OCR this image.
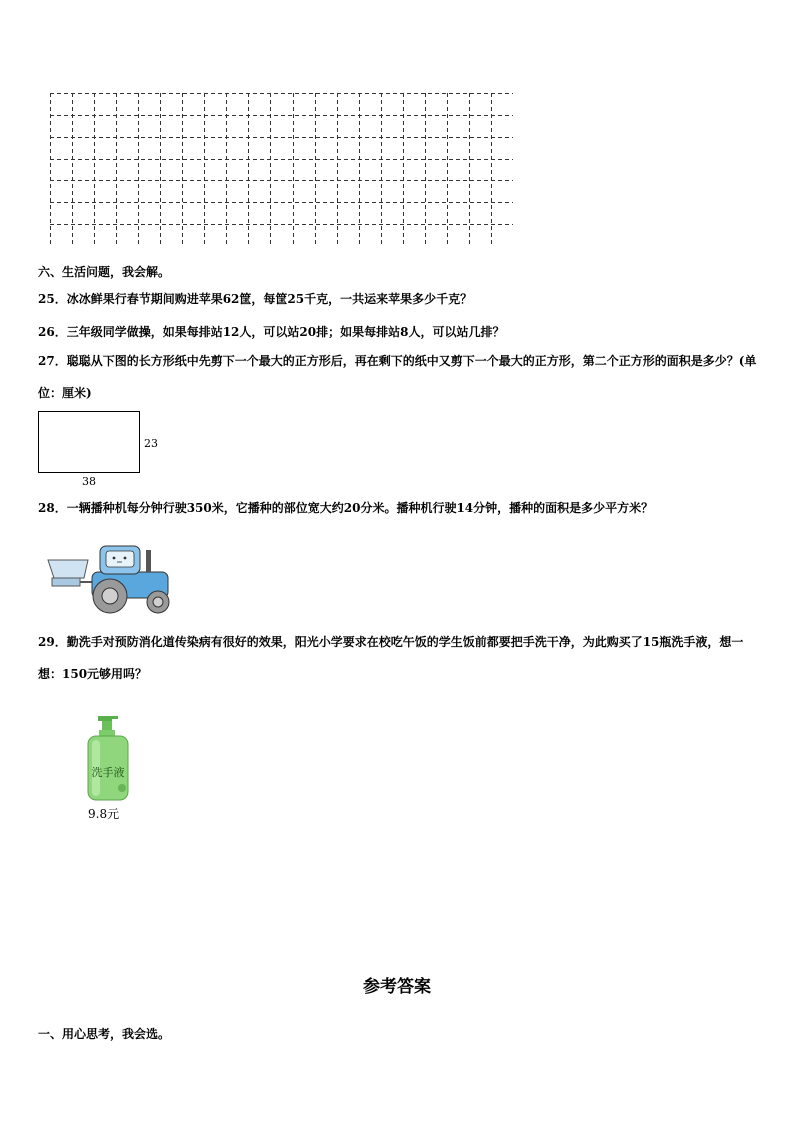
六、生活问题，我会解。
25．冰冰鲜果行春节期间购进苹果62筐，每筐25千克，一共运来苹果多少千克？
26．三年级同学做操，如果每排站12人，可以站20排；如果每排站8人，可以站几排？
27．聪聪从下图的长方形纸中先剪下一个最大的正方形后，再在剩下的纸中又剪下一个最大的正方形，第二个正方形的面积是多少？(单位：厘米)
23
38
28．一辆播种机每分钟行驶350米，它播种的部位宽大约20分米。播种机行驶14分钟，播种的面积是多少平方米？
29．勤洗手对预防消化道传染病有很好的效果，阳光小学要求在校吃午饭的学生饭前都要把手洗干净，为此购买了15瓶洗手液，想一想：150元够用吗？
洗手液
9.8元
参考答案
一、用心思考，我会选。
